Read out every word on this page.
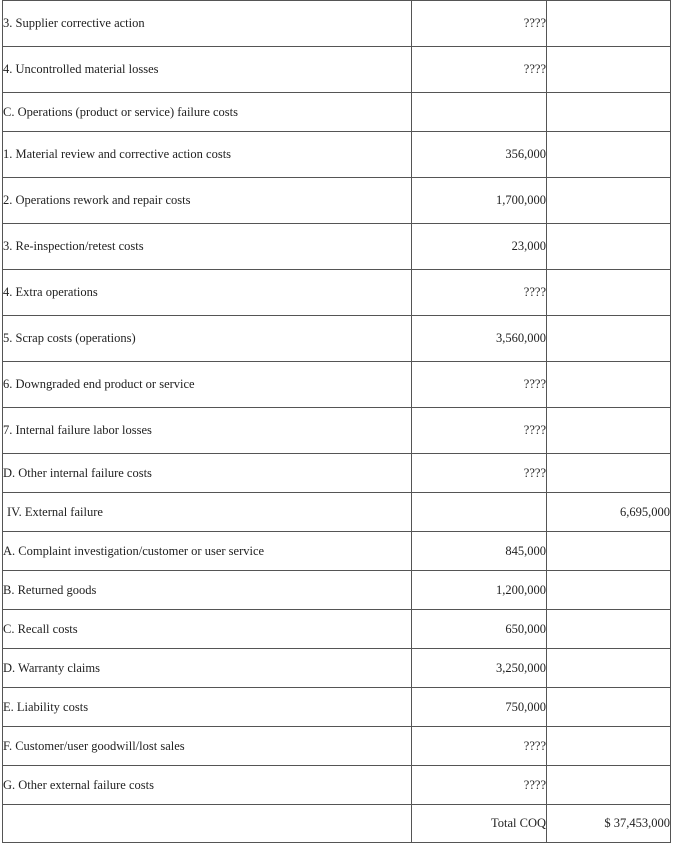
3. Supplier corrective action	????	
4. Uncontrolled material losses	????	
C. Operations (product or service) failure costs		
1. Material review and corrective action costs	356,000	
2. Operations rework and repair costs	1,700,000	
3. Re-inspection/retest costs	23,000	
4. Extra operations	????	
5. Scrap costs (operations)	3,560,000	
6. Downgraded end product or service	????	
7. Internal failure labor losses	????	
D. Other internal failure costs	????	
IV. External failure		6,695,000
A. Complaint investigation/customer or user service	845,000	
B. Returned goods	1,200,000	
C. Recall costs	650,000	
D. Warranty claims	3,250,000	
E. Liability costs	750,000	
F. Customer/user goodwill/lost sales	????	
G. Other external failure costs	????	
	Total COQ	$ 37,453,000
